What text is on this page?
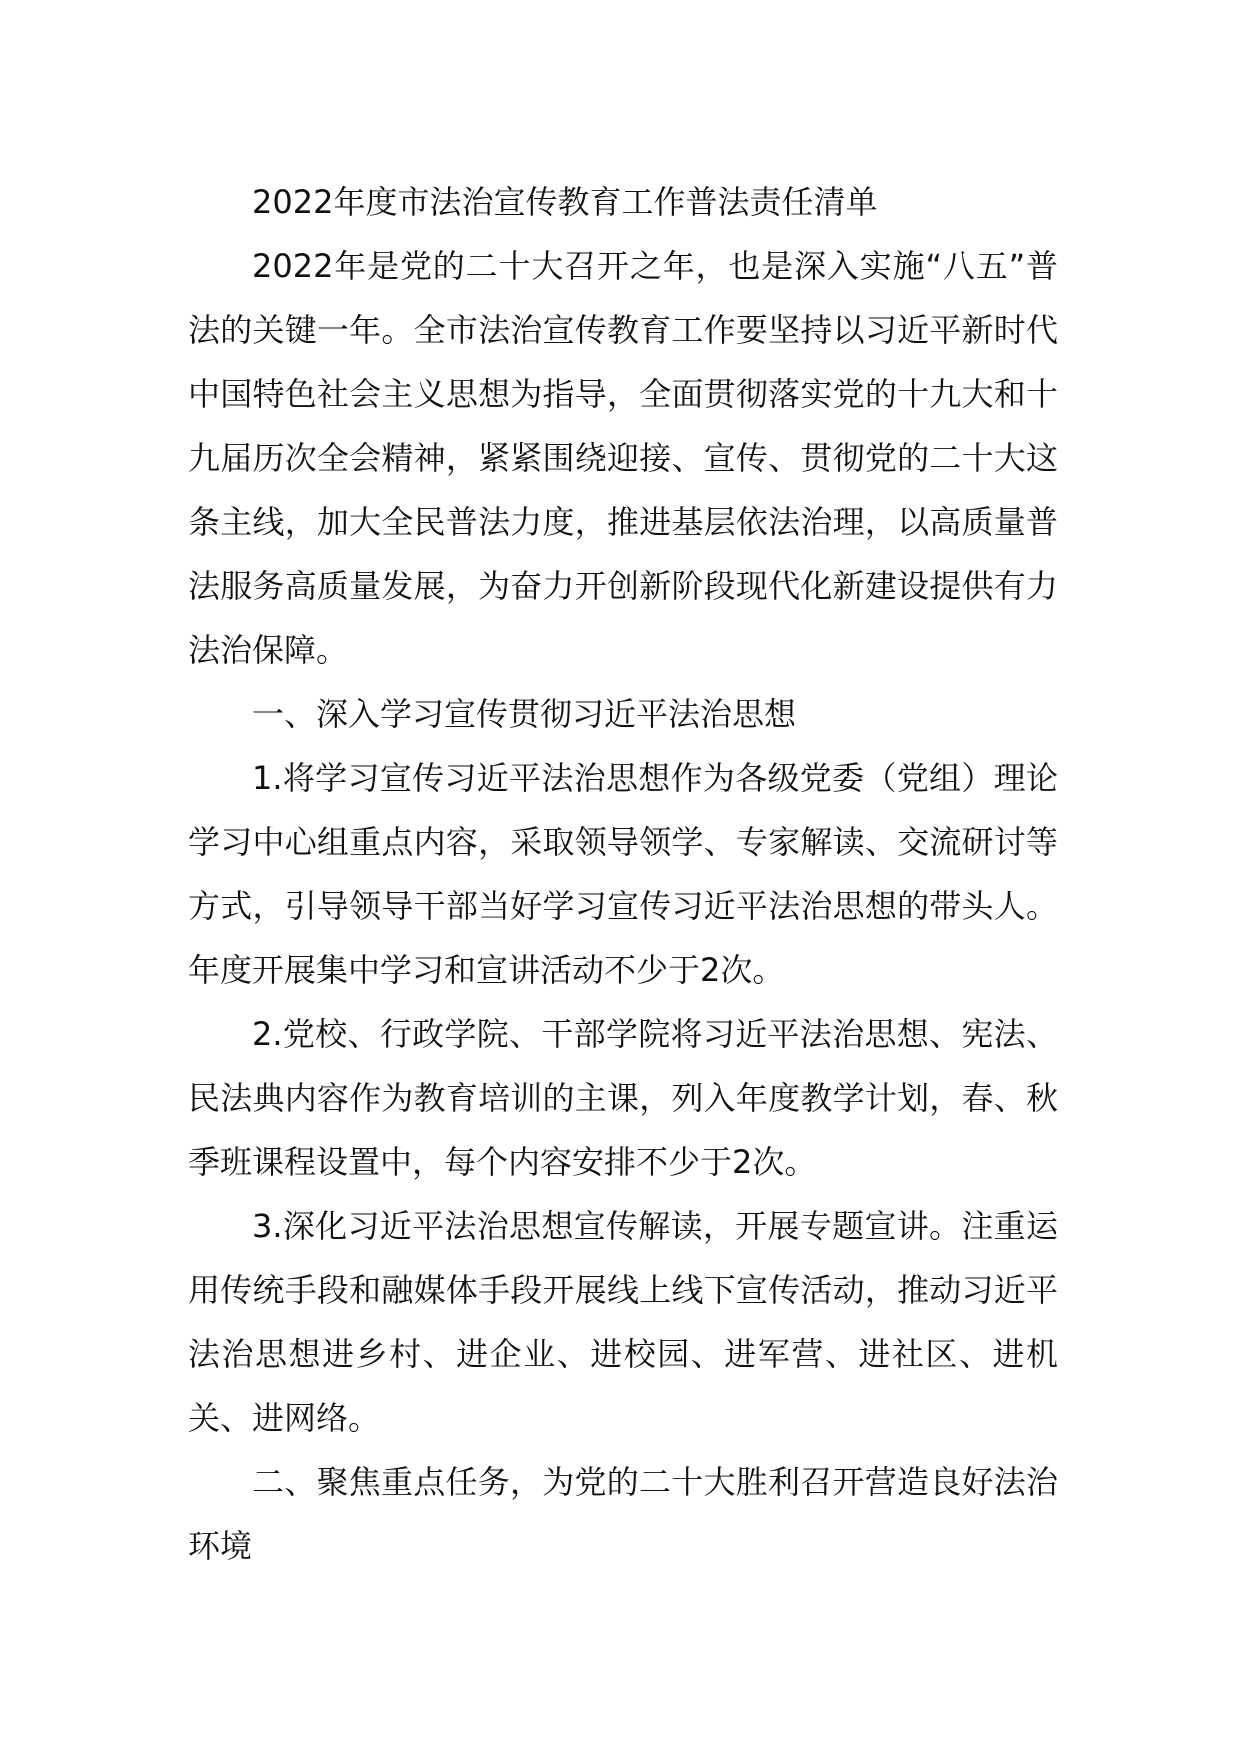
2022年度市法治宣传教育工作普法责任清单

2022年是党的二十大召开之年，也是深入实施“八五”普法的关键一年。全市法治宣传教育工作要坚持以习近平新时代中国特色社会主义思想为指导，全面贯彻落实党的十九大和十九届历次全会精神，紧紧围绕迎接、宣传、贯彻党的二十大这条主线，加大全民普法力度，推进基层依法治理，以高质量普法服务高质量发展，为奋力开创新阶段现代化新建设提供有力法治保障。

一、深入学习宣传贯彻习近平法治思想

1.将学习宣传习近平法治思想作为各级党委（党组）理论学习中心组重点内容，采取领导领学、专家解读、交流研讨等方式，引导领导干部当好学习宣传习近平法治思想的带头人。年度开展集中学习和宣讲活动不少于2次。

2.党校、行政学院、干部学院将习近平法治思想、宪法、民法典内容作为教育培训的主课，列入年度教学计划，春、秋季班课程设置中，每个内容安排不少于2次。

3.深化习近平法治思想宣传解读，开展专题宣讲。注重运用传统手段和融媒体手段开展线上线下宣传活动，推动习近平法治思想进乡村、进企业、进校园、进军营、进社区、进机关、进网络。

二、聚焦重点任务，为党的二十大胜利召开营造良好法治环境
